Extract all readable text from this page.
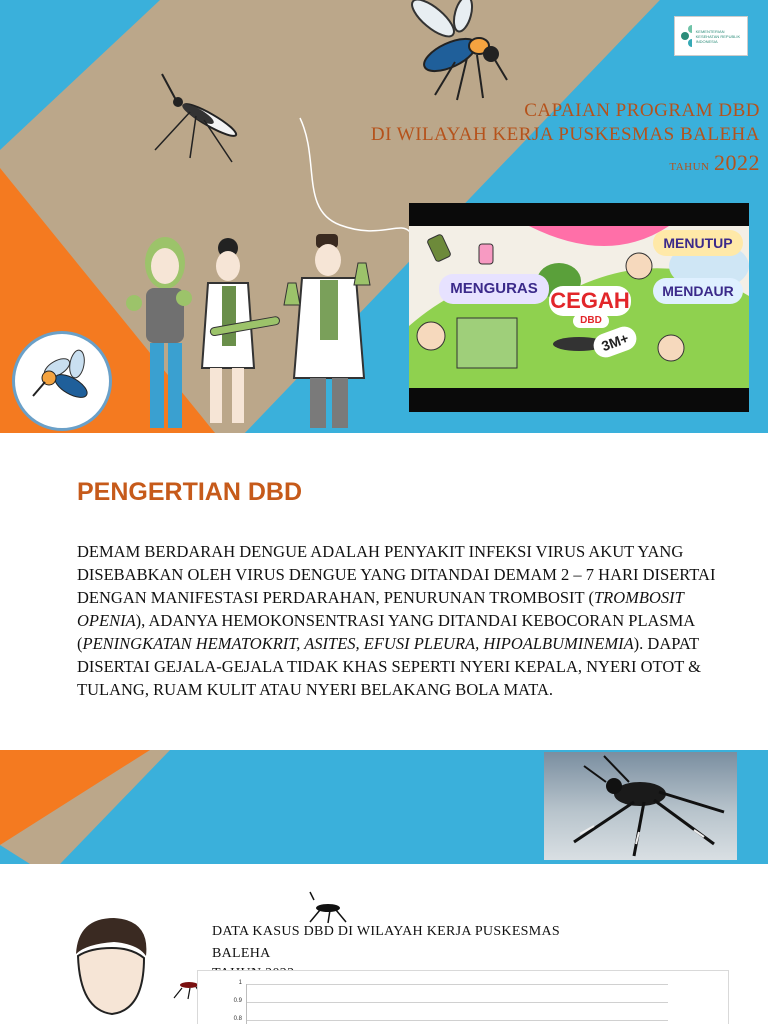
CAPAIAN PROGRAM DBD
DI WILAYAH KERJA PUSKESMAS BALEHA
TAHUN 2022
KEMENTERIAN KESEHATAN REPUBLIK INDONESIA
MENGURAS CEGAH
DBD
MENUTUP
MENDAUR
3M+
PENGERTIAN DBD

DEMAM BERDARAH DENGUE ADALAH PENYAKIT INFEKSI VIRUS AKUT YANG DISEBABKAN OLEH VIRUS DENGUE YANG DITANDAI DEMAM 2 – 7 HARI DISERTAI DENGAN MANIFESTASI PERDARAHAN, PENURUNAN TROMBOSIT (TROMBOSIT OPENIA), ADANYA HEMOKONSENTRASI YANG DITANDAI KEBOCORAN PLASMA (PENINGKATAN HEMATOKRIT, ASITES, EFUSI PLEURA, HIPOALBUMINEMIA). DAPAT DISERTAI GEJALA-GEJALA TIDAK KHAS SEPERTI NYERI KEPALA, NYERI OTOT & TULANG, RUAM KULIT ATAU NYERI BELAKANG BOLA MATA.

DATA KASUS DBD DI WILAYAH KERJA PUSKESMAS
BALEHA
1
0.9
0.8
